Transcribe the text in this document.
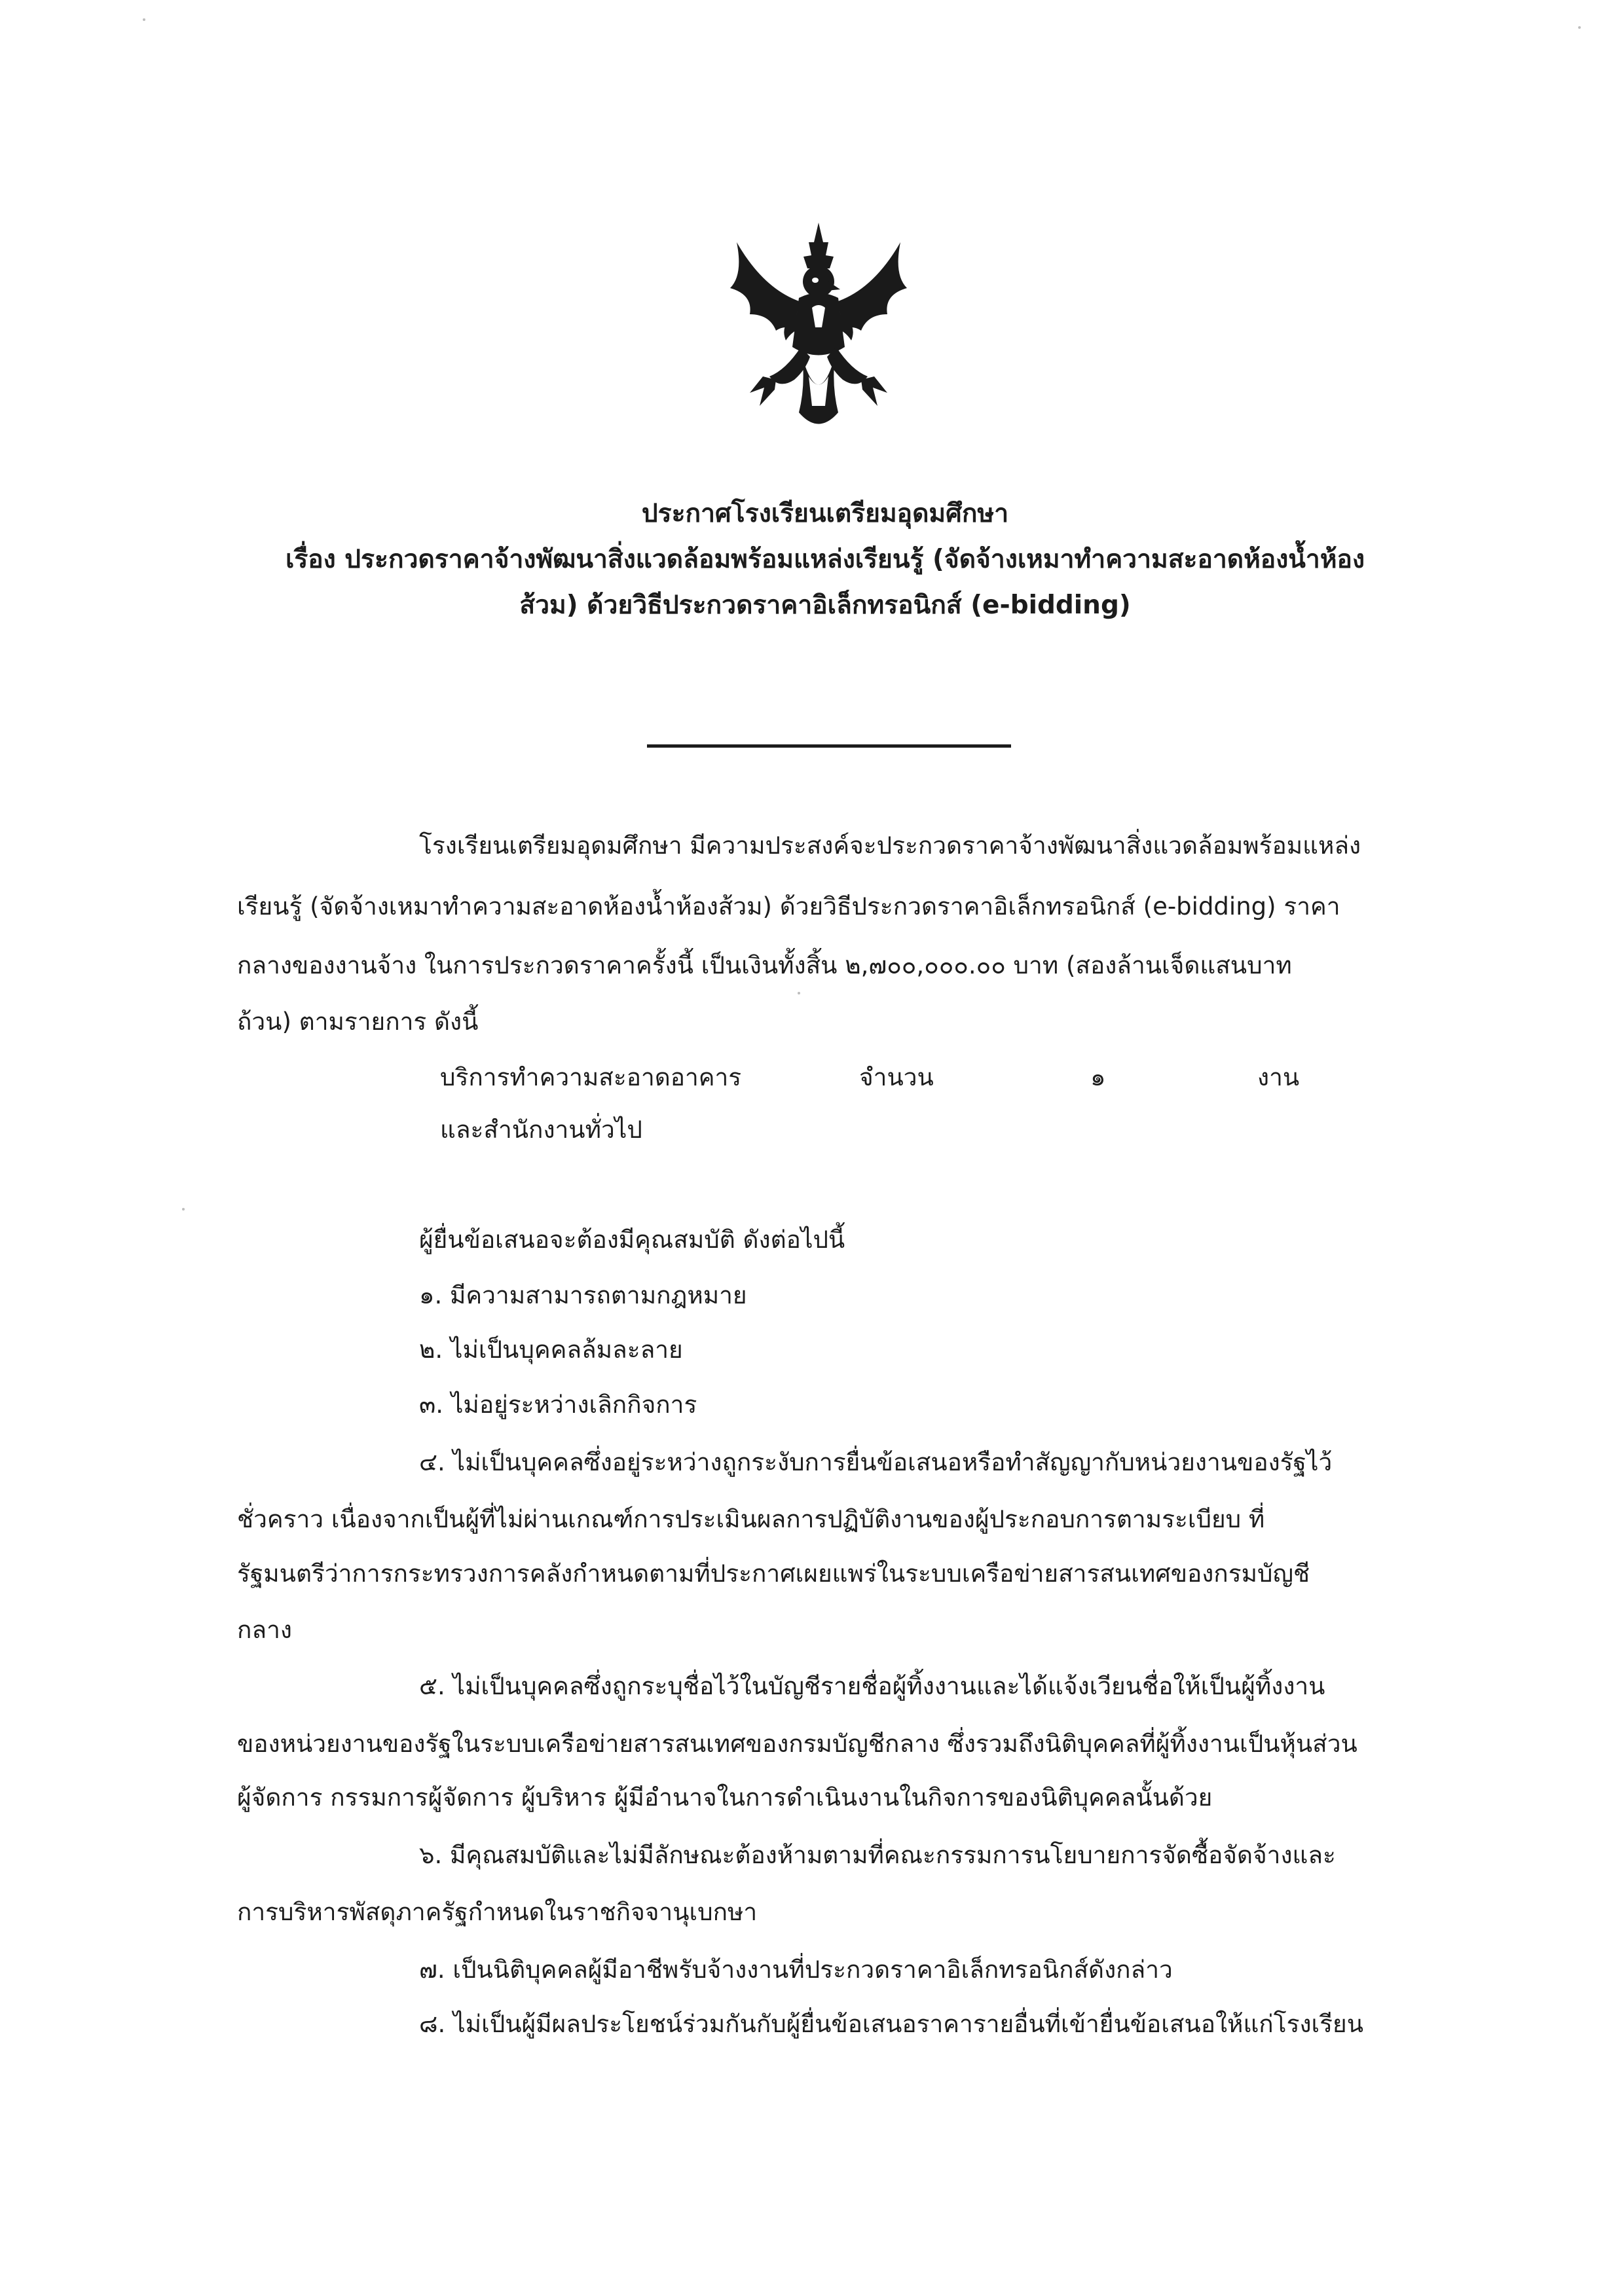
ประกาศโรงเรียนเตรียมอุดมศึกษา
เรื่อง ประกวดราคาจ้างพัฒนาสิ่งแวดล้อมพร้อมแหล่งเรียนรู้ (จัดจ้างเหมาทำความสะอาดห้องน้ำห้อง
ส้วม) ด้วยวิธีประกวดราคาอิเล็กทรอนิกส์ (e-bidding)
โรงเรียนเตรียมอุดมศึกษา มีความประสงค์จะประกวดราคาจ้างพัฒนาสิ่งแวดล้อมพร้อมแหล่ง
เรียนรู้ (จัดจ้างเหมาทำความสะอาดห้องน้ำห้องส้วม) ด้วยวิธีประกวดราคาอิเล็กทรอนิกส์ (e-bidding) ราคา
กลางของงานจ้าง ในการประกวดราคาครั้งนี้ เป็นเงินทั้งสิ้น ๒,๗๐๐,๐๐๐.๐๐ บาท (สองล้านเจ็ดแสนบาท
ถ้วน) ตามรายการ ดังนี้
บริการทำความสะอาดอาคาร	จำนวน	๑	งาน
และสำนักงานทั่วไป
ผู้ยื่นข้อเสนอจะต้องมีคุณสมบัติ ดังต่อไปนี้
๑. มีความสามารถตามกฎหมาย
๒. ไม่เป็นบุคคลล้มละลาย
๓. ไม่อยู่ระหว่างเลิกกิจการ
๔. ไม่เป็นบุคคลซึ่งอยู่ระหว่างถูกระงับการยื่นข้อเสนอหรือทำสัญญากับหน่วยงานของรัฐไว้
ชั่วคราว เนื่องจากเป็นผู้ที่ไม่ผ่านเกณฑ์การประเมินผลการปฏิบัติงานของผู้ประกอบการตามระเบียบ ที่
รัฐมนตรีว่าการกระทรวงการคลังกำหนดตามที่ประกาศเผยแพร่ในระบบเครือข่ายสารสนเทศของกรมบัญชี
กลาง
๕. ไม่เป็นบุคคลซึ่งถูกระบุชื่อไว้ในบัญชีรายชื่อผู้ทิ้งงานและได้แจ้งเวียนชื่อให้เป็นผู้ทิ้งงาน
ของหน่วยงานของรัฐในระบบเครือข่ายสารสนเทศของกรมบัญชีกลาง ซึ่งรวมถึงนิติบุคคลที่ผู้ทิ้งงานเป็นหุ้นส่วน
ผู้จัดการ กรรมการผู้จัดการ ผู้บริหาร ผู้มีอำนาจในการดำเนินงานในกิจการของนิติบุคคลนั้นด้วย
๖. มีคุณสมบัติและไม่มีลักษณะต้องห้ามตามที่คณะกรรมการนโยบายการจัดซื้อจัดจ้างและ
การบริหารพัสดุภาครัฐกำหนดในราชกิจจานุเบกษา
๗. เป็นนิติบุคคลผู้มีอาชีพรับจ้างงานที่ประกวดราคาอิเล็กทรอนิกส์ดังกล่าว
๘. ไม่เป็นผู้มีผลประโยชน์ร่วมกันกับผู้ยื่นข้อเสนอราคารายอื่นที่เข้ายื่นข้อเสนอให้แก่โรงเรียน
